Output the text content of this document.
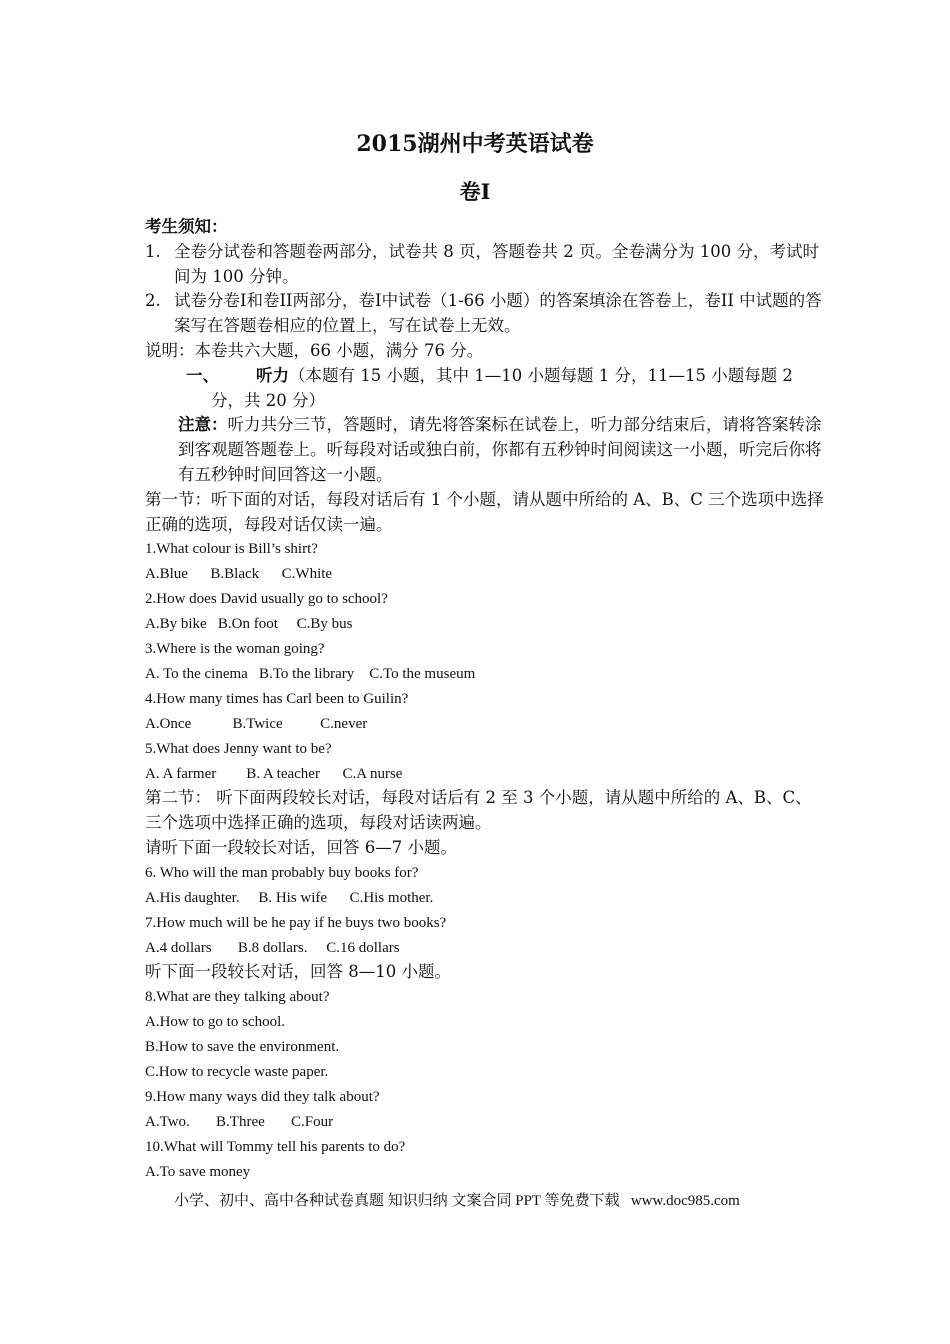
2015湖州中考英语试卷
卷I
考生须知：
1. 全卷分试卷和答题卷两部分，试卷共 8 页，答题卷共 2 页。全卷满分为 100 分，考试时间为 100 分钟。
2. 试卷分卷I和卷II两部分，卷I中试卷（1-66 小题）的答案填涂在答卷上，卷II 中试题的答案写在答题卷相应的位置上，写在试卷上无效。
说明：本卷共六大题，66 小题，满分 76 分。
一、 听力（本题有 15 小题，其中 1—10 小题每题 1 分，11—15 小题每题 2 分，共 20 分）
注意：听力共分三节，答题时，请先将答案标在试卷上，听力部分结束后，请将答案转涂到客观题答题卷上。听每段对话或独白前，你都有五秒钟时间阅读这一小题，听完后你将有五秒钟时间回答这一小题。
第一节：听下面的对话，每段对话后有 1 个小题，请从题中所给的 A、B、C 三个选项中选择正确的选项，每段对话仅读一遍。
1.What colour is Bill’s shirt?
A.Blue      B.Black      C.White
2.How does David usually go to school?
A.By bike   B.On foot     C.By bus
3.Where is the woman going?
A. To the cinema   B.To the library    C.To the museum
4.How many times has Carl been to Guilin?
A.Once           B.Twice          C.never
5.What does Jenny want to be?
A. A farmer        B. A teacher      C.A nurse
第二节： 听下面两段较长对话，每段对话后有 2 至 3 个小题，请从题中所给的 A、B、C、三个选项中选择正确的选项，每段对话读两遍。
请听下面一段较长对话，回答 6—7 小题。
6. Who will the man probably buy books for?
A.His daughter.     B. His wife      C.His mother.
7.How much will be he pay if he buys two books?
A.4 dollars       B.8 dollars.     C.16 dollars
听下面一段较长对话，回答 8—10 小题。
8.What are they talking about?
A.How to go to school.
B.How to save the environment.
C.How to recycle waste paper.
9.How many ways did they talk about?
A.Two.       B.Three       C.Four
10.What will Tommy tell his parents to do?
A.To save money
小学、初中、高中各种试卷真题 知识归纳 文案合同 PPT 等免费下载   www.doc985.com
